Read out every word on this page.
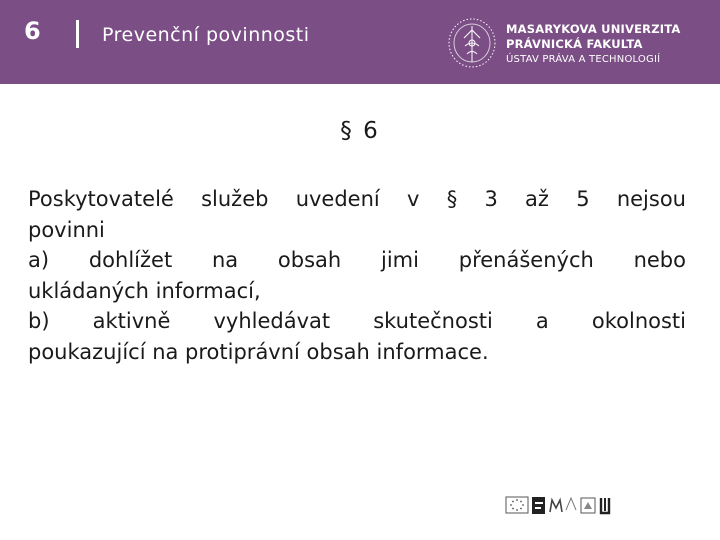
6	Prevenční povinnosti	MASARYKOVA UNIVERZITA
PRÁVNICKÁ FAKULTA
ÚSTAV PRÁVA A TECHNOLOGIÍ
§ 6

Poskytovatelé služeb uvedení v § 3 až 5 nejsou

povinni

a) dohlížet na obsah jimi přenášených nebo

ukládaných informací,

b) aktivně vyhledávat skutečnosti a okolnosti

poukazující na protiprávní obsah informace.
